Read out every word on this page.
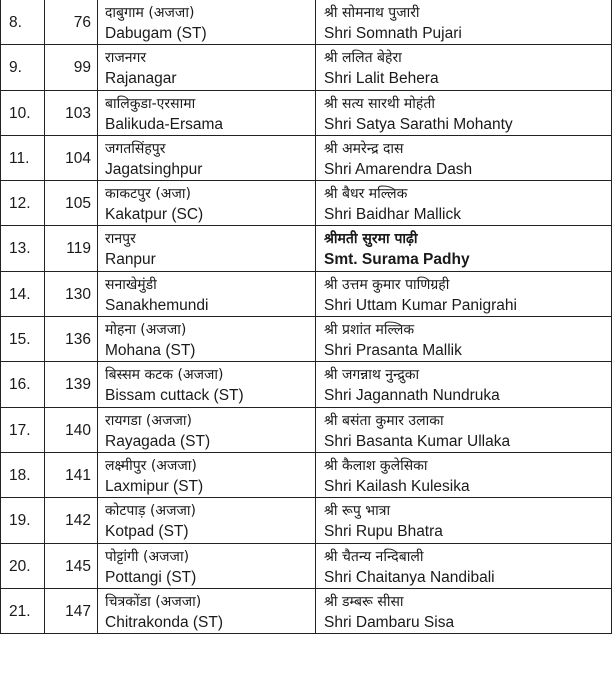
8.	76	दाबुगाम (अजजा)
Dabugam (ST)	श्री सोमनाथ पुजारी
Shri Somnath Pujari

9.	99	राजनगर
Rajanagar	श्री ललित बेहेरा
Shri Lalit Behera

10.	103	बालिकुडा-एरसामा
Balikuda-Ersama	श्री सत्य सारथी मोहंती
Shri Satya Sarathi Mohanty

11.	104	जगतसिंहपुर
Jagatsinghpur	श्री अमरेन्द्र दास
Shri Amarendra Dash

12.	105	काकटपुर (अजा)
Kakatpur (SC)	श्री बैधर मल्लिक
Shri Baidhar Mallick

13.	119	रानपुर
Ranpur	श्रीमती सुरमा पाढ़ी
Smt. Surama Padhy

14.	130	सनाखेमुंडी
Sanakhemundi	श्री उत्तम कुमार पाणिग्रही
Shri Uttam Kumar Panigrahi

15.	136	मोहना (अजजा)
Mohana (ST)	श्री प्रशांत मल्लिक
Shri Prasanta Mallik

16.	139	बिस्सम कटक (अजजा)
Bissam cuttack (ST)	श्री जगन्नाथ नुन्द्रुका
Shri Jagannath Nundruka

17.	140	रायगडा (अजजा)
Rayagada (ST)	श्री बसंता कुमार उलाका
Shri Basanta Kumar Ullaka

18.	141	लक्ष्मीपुर (अजजा)
Laxmipur (ST)	श्री कैलाश कुलेसिका
Shri Kailash Kulesika

19.	142	कोटपाड़ (अजजा)
Kotpad (ST)	श्री रूपु भात्रा
Shri Rupu Bhatra

20.	145	पोट्टांगी (अजजा)
Pottangi (ST)	श्री चैतन्य नन्दिबाली
Shri Chaitanya Nandibali

21.	147	चित्रकोंडा (अजजा)
Chitrakonda (ST)	श्री डम्बरू सीसा
Shri Dambaru Sisa
